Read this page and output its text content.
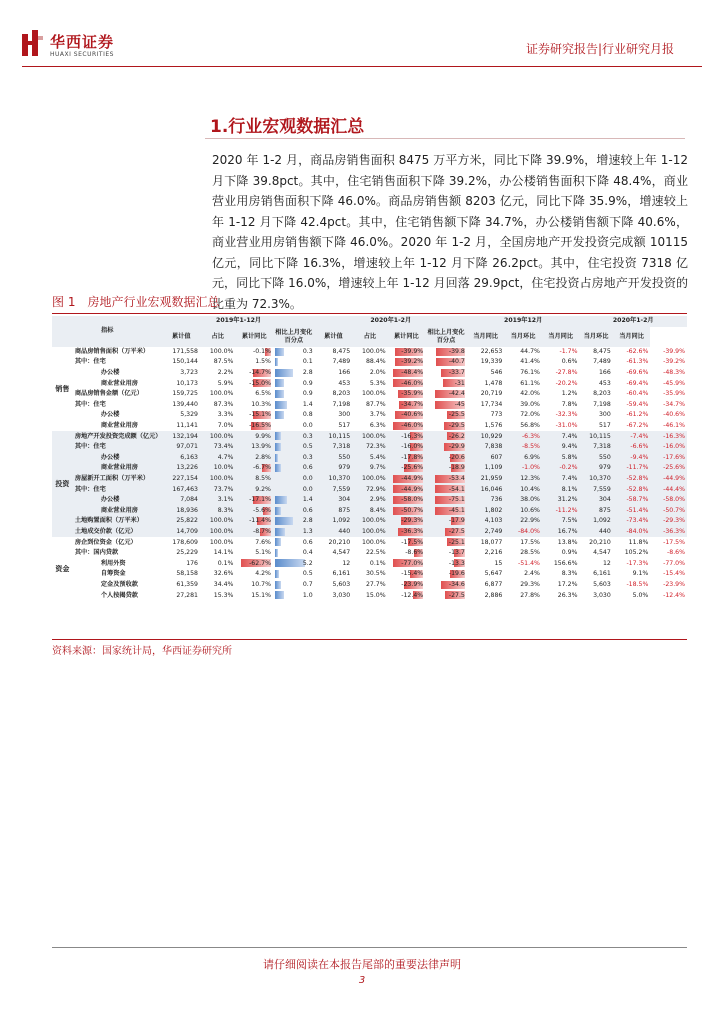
华西证券
HUAXI SECURITIES	证券研究报告|行业研究月报
1.行业宏观数据汇总
2020 年 1-2 月，商品房销售面积 8475 万平方米，同比下降 39.9%，增速较上年 1-12 月下降 39.8pct。其中，住宅销售面积下降 39.2%，办公楼销售面积下降 48.4%，商业营业用房销售面积下降 46.0%。商品房销售额 8203 亿元，同比下降 35.9%，增速较上年 1-12 月下降 42.4pct。其中，住宅销售额下降 34.7%，办公楼销售额下降 40.6%，商业营业用房销售额下降 46.0%。2020 年 1-2 月，全国房地产开发投资完成额 10115 亿元，同比下降 16.3%，增速较上年 1-12 月下降 26.2pct。其中，住宅投资 7318 亿元，同比下降 16.0%，增速较上年 1-12 月回落 29.9pct，住宅投资占房地产开发投资的比重为 72.3%。
图 1　房地产行业宏观数据汇总
指标		2019年1-12月				2020年1-2月				2019年12月			2020年1-2月		
		累计值	占比	累计同比	相比上月变化百分点	累计值	占比	累计同比	相比上月变化百分点	当月同比	当月环比	当月同比	当月环比	当月同比	
销售	商品房销售面积（万平米）	171,558	100.0%	-0.1%	0.3	8,475	100.0%	-39.9%	-39.8	22,653	44.7%	-1.7%	8,475	-62.6%	-39.9%
	其中：住宅	150,144	87.5%	1.5%	0.1	7,489	88.4%	-39.2%	-40.7	19,339	41.4%	0.6%	7,489	-61.3%	-39.2%
	办公楼	3,723	2.2%	-14.7%	2.8	166	2.0%	-48.4%	-33.7	546	76.1%	-27.8%	166	-69.6%	-48.3%
	商业营业用房	10,173	5.9%	-15.0%	0.9	453	5.3%	-46.0%	-31	1,478	61.1%	-20.2%	453	-69.4%	-45.9%
	商品房销售金额（亿元）	159,725	100.0%	6.5%	0.9	8,203	100.0%	-35.9%	-42.4	20,719	42.0%	1.2%	8,203	-60.4%	-35.9%
	其中：住宅	139,440	87.3%	10.3%	1.4	7,198	87.7%	-34.7%	-45	17,734	39.0%	7.8%	7,198	-59.4%	-34.7%
	办公楼	5,329	3.3%	-15.1%	0.8	300	3.7%	-40.6%	-25.5	773	72.0%	-32.3%	300	-61.2%	-40.6%
	商业营业用房	11,141	7.0%	-16.5%	0.0	517	6.3%	-46.0%	-29.5	1,576	56.8%	-31.0%	517	-67.2%	-46.1%
投资	房地产开发投资完成额（亿元）	132,194	100.0%	9.9%	0.3	10,115	100.0%	-16.3%	-26.2	10,929	-6.3%	7.4%	10,115	-7.4%	-16.3%
	其中：住宅	97,071	73.4%	13.9%	0.5	7,318	72.3%	-16.0%	-29.9	7,838	-8.5%	9.4%	7,318	-6.6%	-16.0%
	办公楼	6,163	4.7%	2.8%	0.3	550	5.4%	-17.8%	-20.6	607	6.9%	5.8%	550	-9.4%	-17.6%
	商业营业用房	13,226	10.0%	-6.7%	0.6	979	9.7%	-25.6%	-18.9	1,109	-1.0%	-0.2%	979	-11.7%	-25.6%
	房屋新开工面积（万平米）	227,154	100.0%	8.5%	0.0	10,370	100.0%	-44.9%	-53.4	21,959	12.3%	7.4%	10,370	-52.8%	-44.9%
	其中：住宅	167,463	73.7%	9.2%	0.0	7,559	72.9%	-44.9%	-54.1	16,046	10.4%	8.1%	7,559	-52.8%	-44.4%
	办公楼	7,084	3.1%	-17.1%	1.4	304	2.9%	-58.0%	-75.1	736	38.0%	31.2%	304	-58.7%	-58.0%
	商业营业用房	18,936	8.3%	-5.6%	0.6	875	8.4%	-50.7%	-45.1	1,802	10.6%	-11.2%	875	-51.4%	-50.7%
	土地购置面积（万平米）	25,822	100.0%	-11.4%	2.8	1,092	100.0%	-29.3%	-17.9	4,103	22.9%	7.5%	1,092	-73.4%	-29.3%
	土地成交价款（亿元）	14,709	100.0%	-8.7%	1.3	440	100.0%	-36.3%	-27.5	2,749	-84.0%	16.7%	440	-84.0%	-36.3%
资金	房企到位资金（亿元）	178,609	100.0%	7.6%	0.6	20,210	100.0%	-17.5%	-25.1	18,077	17.5%	13.8%	20,210	11.8%	-17.5%
	其中：国内贷款	25,229	14.1%	5.1%	0.4	4,547	22.5%	-8.6%	-13.7	2,216	28.5%	0.9%	4,547	105.2%	-8.6%
	利用外资	176	0.1%	-62.7%	5.2	12	0.1%	-77.0%	-13.3	15	-51.4%	156.6%	12	-17.3%	-77.0%
	自筹资金	58,158	32.6%	4.2%	0.5	6,161	30.5%	-15.4%	-19.6	5,647	2.4%	8.3%	6,161	9.1%	-15.4%
	定金及预收款	61,359	34.4%	10.7%	0.7	5,603	27.7%	-23.9%	-34.6	6,877	29.3%	17.2%	5,603	-18.5%	-23.9%
	个人按揭贷款	27,281	15.3%	15.1%	1.0	3,030	15.0%	-12.4%	-27.5	2,886	27.8%	26.3%	3,030	5.0%	-12.4%
资料来源：国家统计局，华西证券研究所
请仔细阅读在本报告尾部的重要法律声明
3
